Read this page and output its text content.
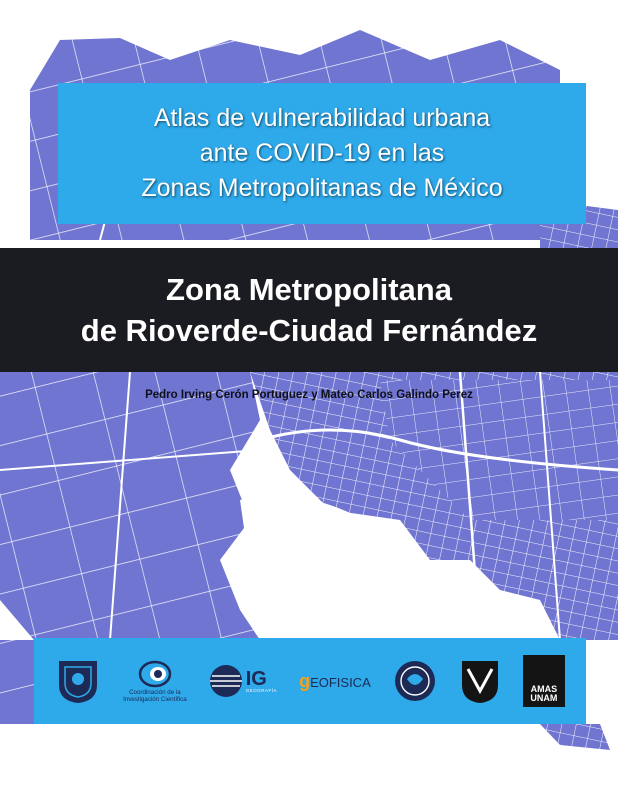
Atlas de vulnerabilidad urbana
ante COVID-19 en las
Zonas Metropolitanas de México
Zona Metropolitana
de Rioverde-Ciudad Fernández
Pedro Irving Cerón Portuguez y Mateo Carlos Galindo Perez
Coordinación de la
Investigación Científica
IG
GEOGRAFÍA gEOFISICA	AMAS
UNAM
